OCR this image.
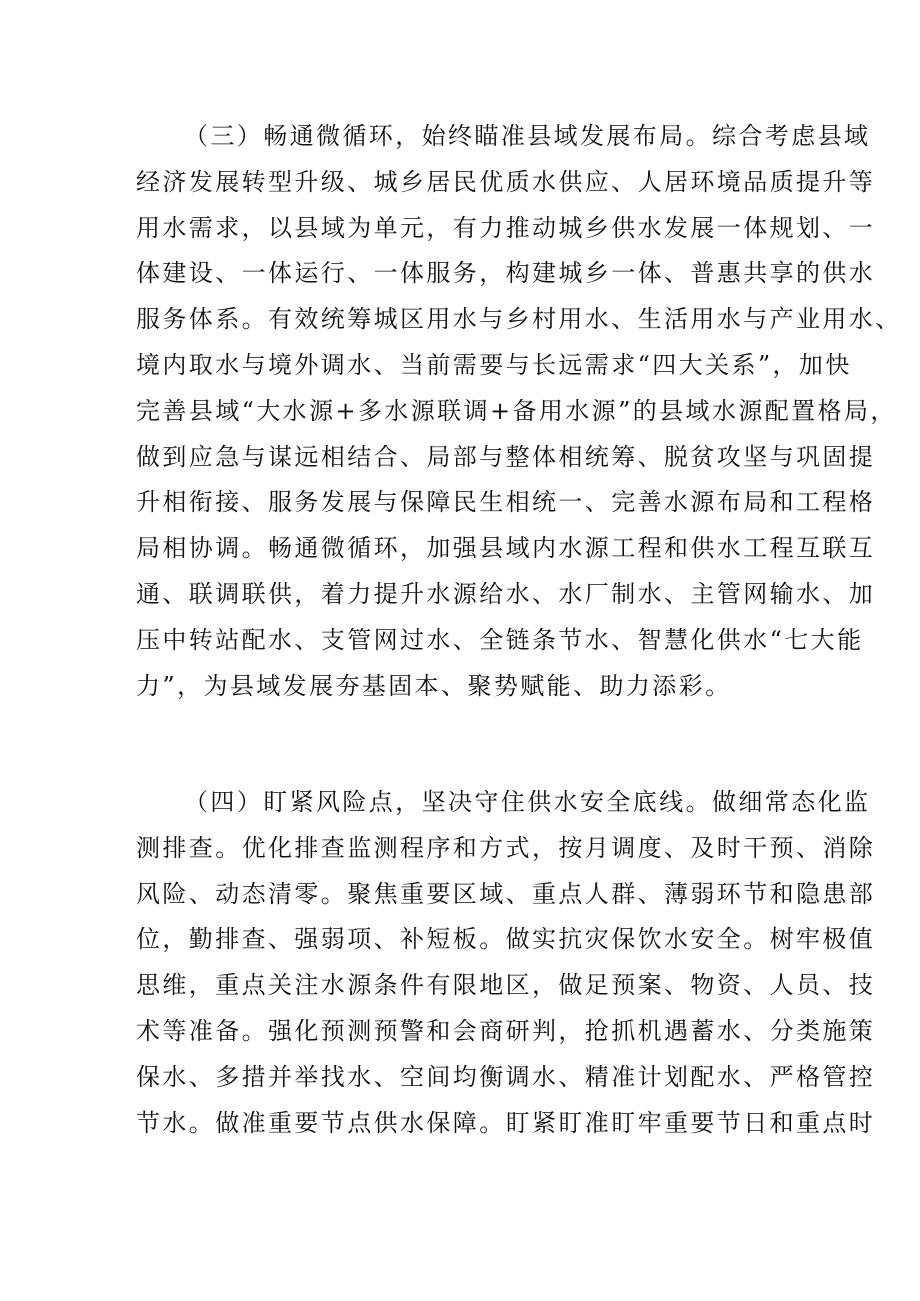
（三）畅通微循环，始终瞄准县域发展布局。综合考虑县域
经济发展转型升级、城乡居民优质水供应、人居环境品质提升等
用水需求，以县域为单元，有力推动城乡供水发展一体规划、一
体建设、一体运行、一体服务，构建城乡一体、普惠共享的供水
服务体系。有效统筹城区用水与乡村用水、生活用水与产业用水、
境内取水与境外调水、当前需要与长远需求“四大关系”，加快
完善县域“大水源+多水源联调+备用水源”的县域水源配置格局，
做到应急与谋远相结合、局部与整体相统筹、脱贫攻坚与巩固提
升相衔接、服务发展与保障民生相统一、完善水源布局和工程格
局相协调。畅通微循环，加强县域内水源工程和供水工程互联互
通、联调联供，着力提升水源给水、水厂制水、主管网输水、加
压中转站配水、支管网过水、全链条节水、智慧化供水“七大能
力”，为县域发展夯基固本、聚势赋能、助力添彩。
（四）盯紧风险点，坚决守住供水安全底线。做细常态化监
测排查。优化排查监测程序和方式，按月调度、及时干预、消除
风险、动态清零。聚焦重要区域、重点人群、薄弱环节和隐患部
位，勤排查、强弱项、补短板。做实抗灾保饮水安全。树牢极值
思维，重点关注水源条件有限地区，做足预案、物资、人员、技
术等准备。强化预测预警和会商研判，抢抓机遇蓄水、分类施策
保水、多措并举找水、空间均衡调水、精准计划配水、严格管控
节水。做准重要节点供水保障。盯紧盯准盯牢重要节日和重点时
